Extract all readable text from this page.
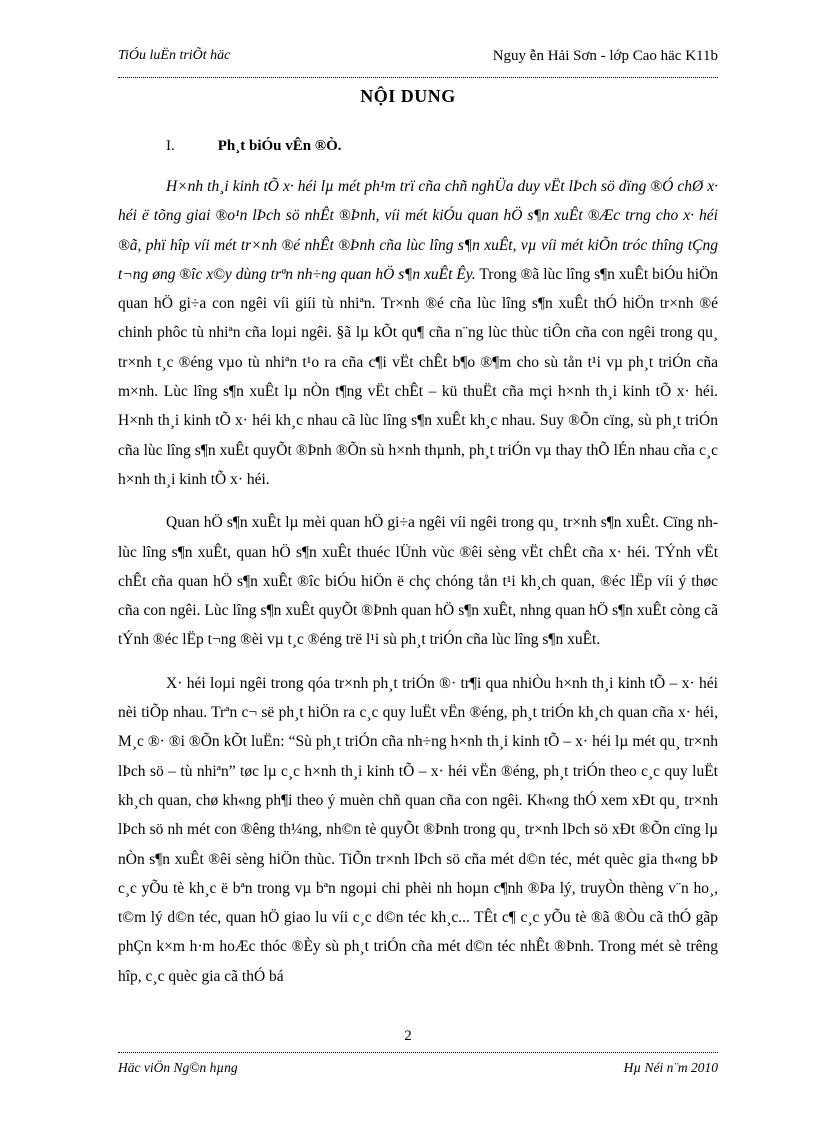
TiÓu luËn triÕt häc	Nguy ễn Hải Sơn - lớp Cao häc K11b
NỘI DUNG
I.	Ph¸t biÓu vÊn ®Ò.

H×nh th¸i kinh tÕ x· héi lµ mét ph¹m trï cña chñ nghÜa duy vËt lÞch sö dïng ®Ó chØ x· héi ë tõng giai ®o¹n lÞch sö nhÊt ®Þnh, víi mét kiÓu quan hÖ s¶n xuÊt ®Æc trng cho x· héi ®ã, phï hîp víi mét tr×nh ®é nhÊt ®Þnh cña lùc lîng s¶n xuÊt, vµ víi mét kiÕn tróc thîng tÇng t¬ng øng ®îc x©y dùng trªn nh÷ng quan hÖ s¶n xuÊt Êy. Trong ®ã lùc lîng s¶n xuÊt biÓu hiÖn quan hÖ gi÷a con ngêi víi giíi tù nhiªn. Tr×nh ®é cña lùc lîng s¶n xuÊt thÓ hiÖn tr×nh ®é chinh phôc tù nhiªn cña loµi ngêi. §ã lµ kÕt qu¶ cña n¨ng lùc thùc tiÔn cña con ngêi trong qu¸ tr×nh t¸c ®éng vµo tù nhiªn t¹o ra cña c¶i vËt chÊt b¶o ®¶m cho sù tån t¹i vµ ph¸t triÓn cña m×nh. Lùc lîng s¶n xuÊt lµ nÒn t¶ng vËt chÊt – kü thuËt cña mçi h×nh th¸i kinh tÕ x· héi. H×nh th¸i kinh tÕ x· héi kh¸c nhau cã lùc lîng s¶n xuÊt kh¸c nhau. Suy ®Õn cïng, sù ph¸t triÓn cña lùc lîng s¶n xuÊt quyÕt ®Þnh ®Õn sù h×nh thµnh, ph¸t triÓn vµ thay thÕ lÉn nhau cña c¸c h×nh th¸i kinh tÕ x· héi.

Quan hÖ s¶n xuÊt lµ mèi quan hÖ gi÷a ngêi víi ngêi trong qu¸ tr×nh s¶n xuÊt. Cïng nh lùc lîng s¶n xuÊt, quan hÖ s¶n xuÊt thuéc lÜnh vùc ®êi sèng vËt chÊt cña x· héi. TÝnh vËt chÊt cña quan hÖ s¶n xuÊt ®îc biÓu hiÖn ë chç chóng tån t¹i kh¸ch quan, ®éc lËp víi ý thøc cña con ngêi. Lùc lîng s¶n xuÊt quyÕt ®Þnh quan hÖ s¶n xuÊt, nhng quan hÖ s¶n xuÊt còng cã tÝnh ®éc lËp t¬ng ®èi vµ t¸c ®éng trë l¹i sù ph¸t triÓn cña lùc lîng s¶n xuÊt.

X· héi loµi ngêi trong qóa tr×nh ph¸t triÓn ®· tr¶i qua nhiÒu h×nh th¸i kinh tÕ – x· héi nèi tiÕp nhau. Trªn c¬ së ph¸t hiÖn ra c¸c quy luËt vËn ®éng, ph¸t triÓn kh¸ch quan cña x· héi, M¸c ®· ®i ®Õn kÕt luËn: “Sù ph¸t triÓn cña nh÷ng h×nh th¸i kinh tÕ – x· héi lµ mét qu¸ tr×nh lÞch sö – tù nhiªn” tøc lµ c¸c h×nh th¸i kinh tÕ – x· héi vËn ®éng, ph¸t triÓn theo c¸c quy luËt kh¸ch quan, chø kh«ng ph¶i theo ý muèn chñ quan cña con ngêi. Kh«ng thÓ xem xÐt qu¸ tr×nh lÞch sö nh mét con ®êng th¼ng, nh©n tè quyÕt ®Þnh trong qu¸ tr×nh lÞch sö xÐt ®Õn cïng lµ nÒn s¶n xuÊt ®êi sèng hiÖn thùc. TiÕn tr×nh lÞch sö cña mét d©n téc, mét quèc gia th«ng bÞ c¸c yÕu tè kh¸c ë bªn trong vµ bªn ngoµi chi phèi nh hoµn c¶nh ®Þa lý, truyÒn thèng v¨n ho¸, t©m lý d©n téc, quan hÖ giao lu víi c¸c d©n téc kh¸c... TÊt c¶ c¸c yÕu tè ®ã ®Òu cã thÓ gãp phÇn k×m h·m hoÆc thóc ®Èy sù ph¸t triÓn cña mét d©n téc nhÊt ®Þnh. Trong mét sè trêng hîp, c¸c quèc gia cã thÓ bá

2
Häc viÖn Ng©n hµng	Hµ Néi n¨m 2010
